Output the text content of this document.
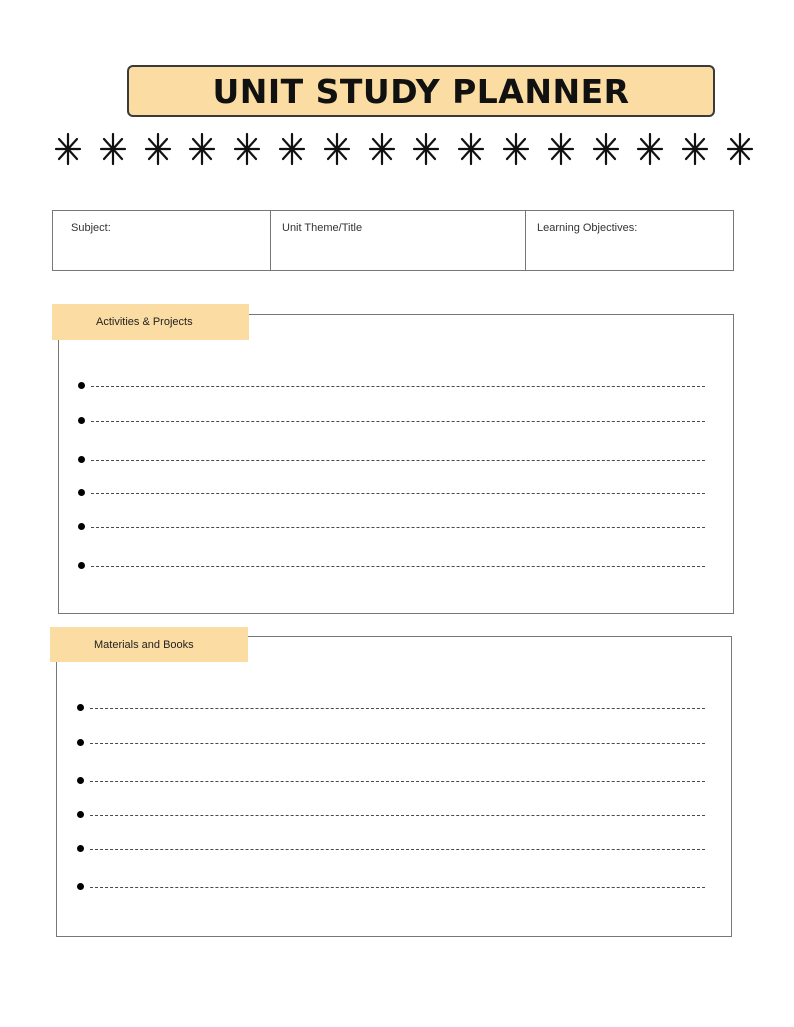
UNIT STUDY PLANNER
Subject:	Unit Theme/Title	Learning Objectives:
Activities & Projects
Materials and Books
